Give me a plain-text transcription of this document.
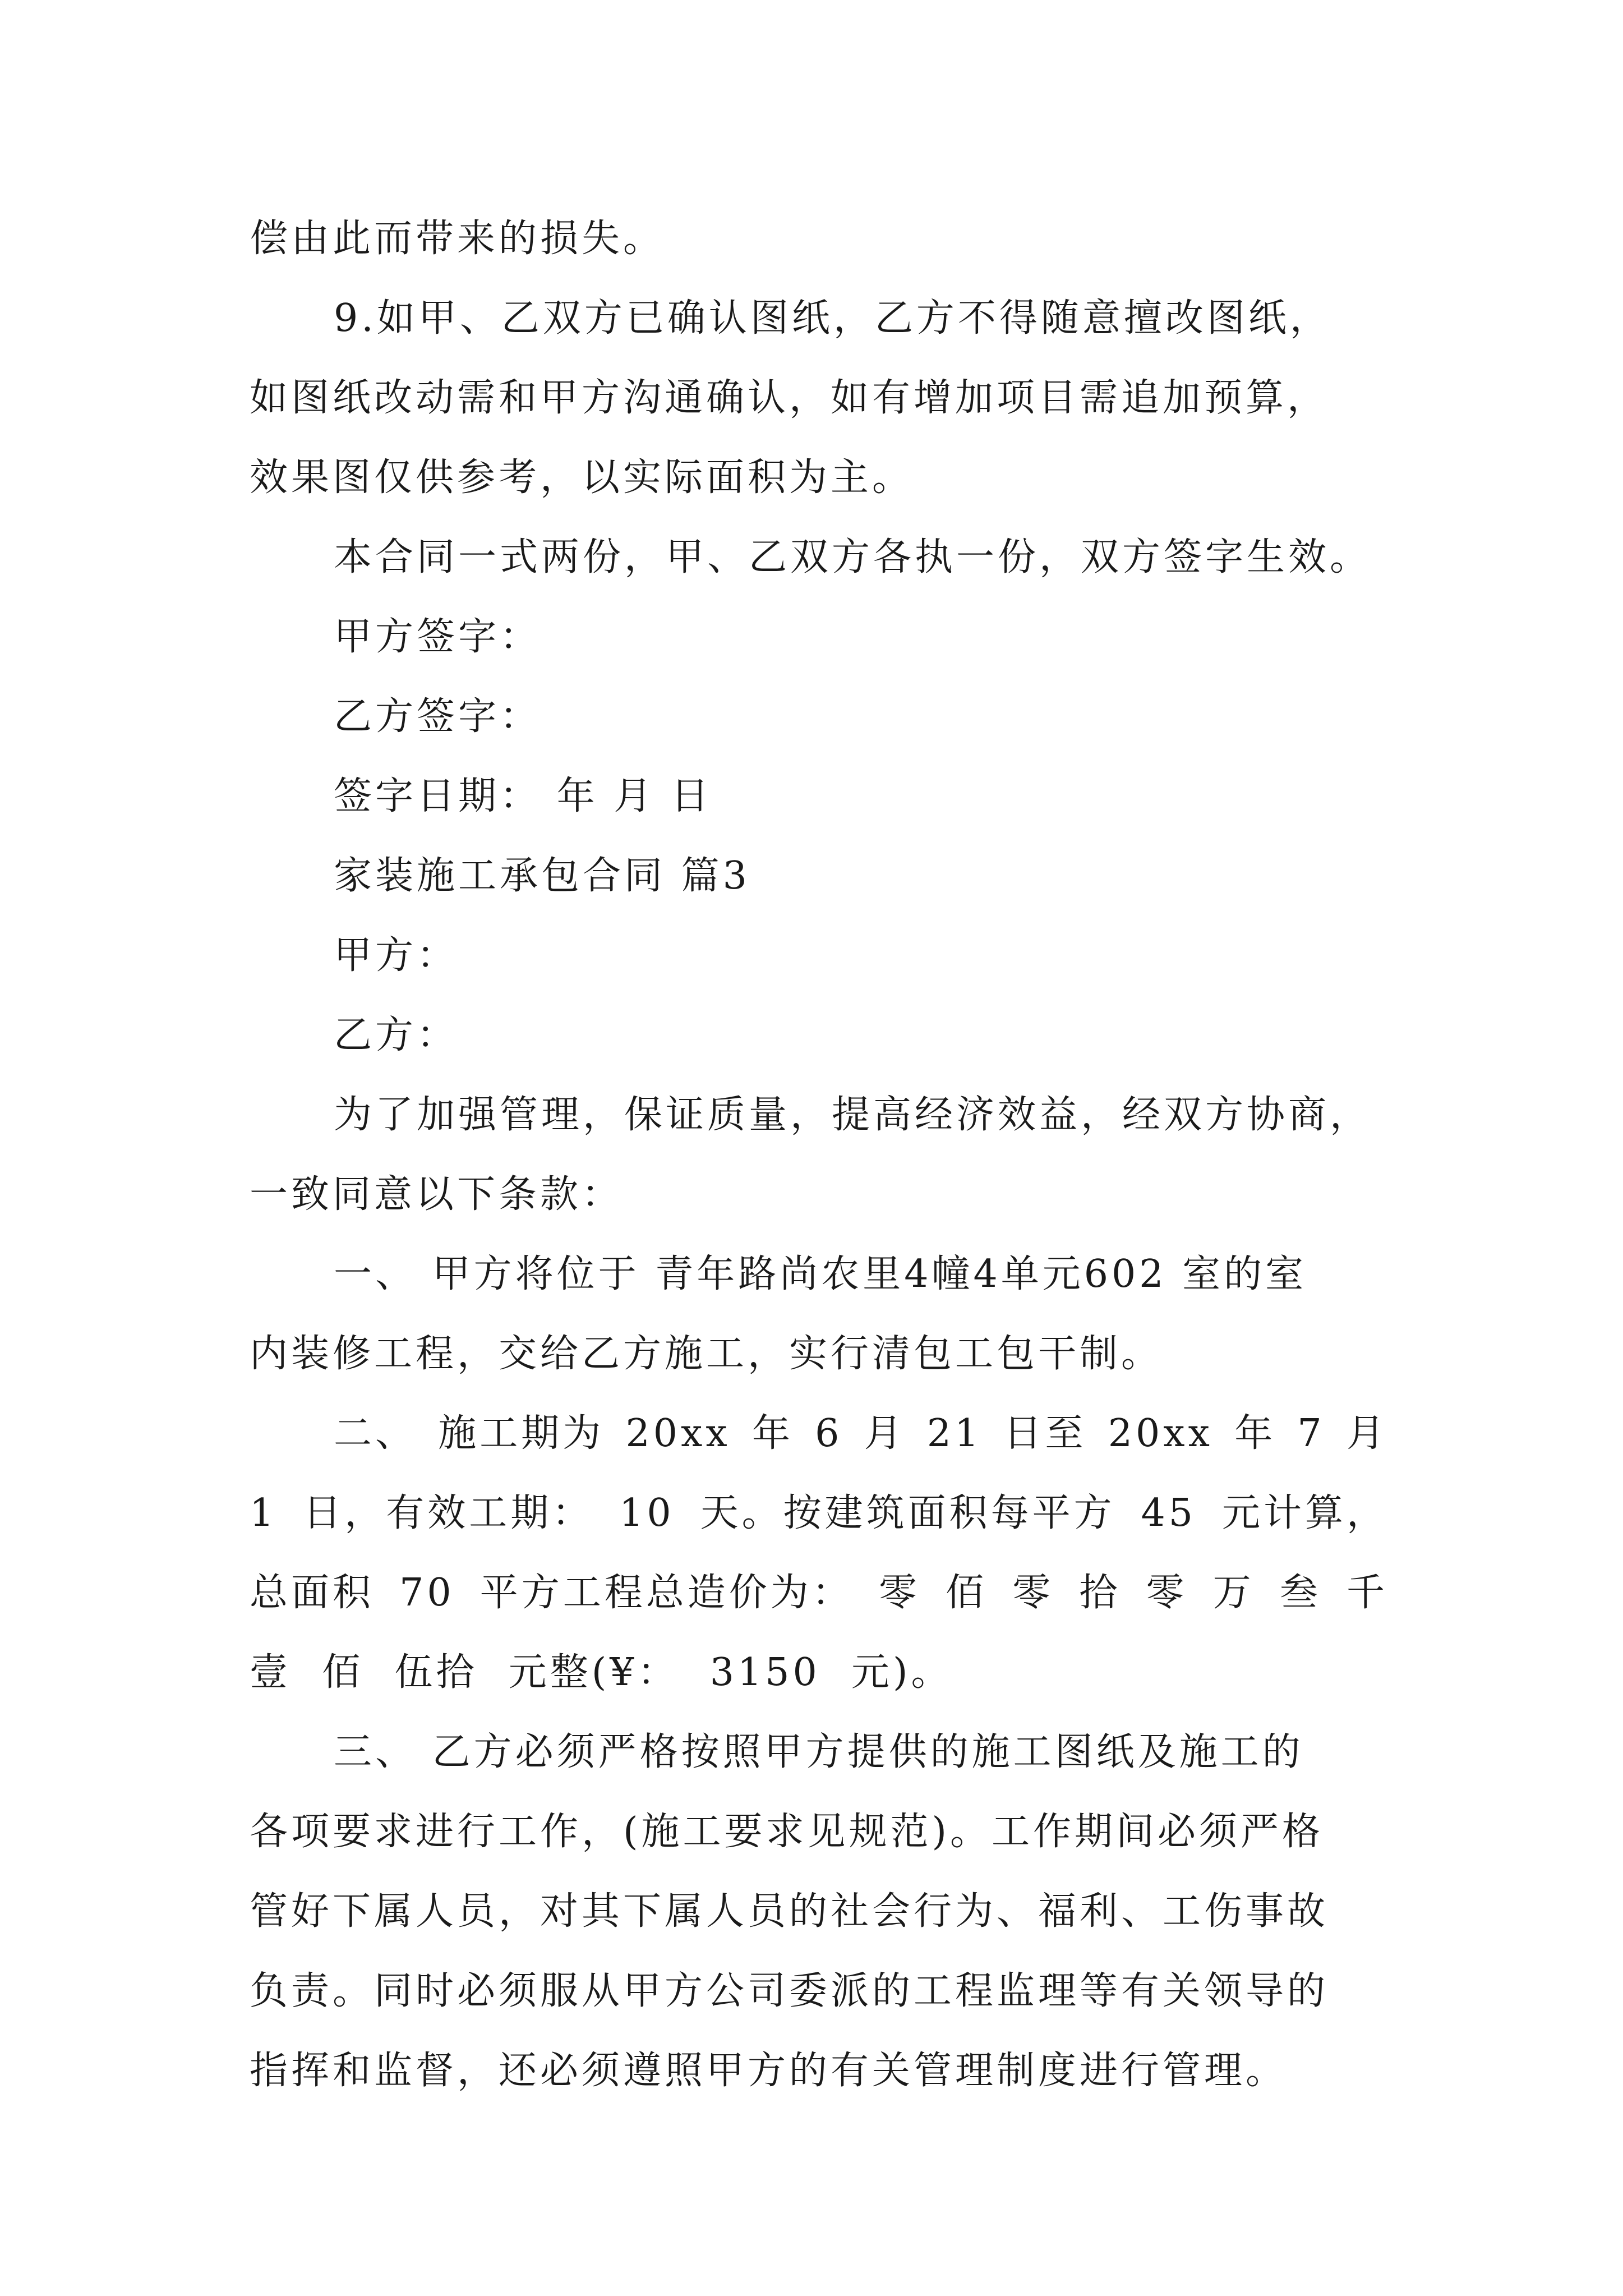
偿由此而带来的损失。
9.如甲、乙双方已确认图纸，乙方不得随意擅改图纸，
如图纸改动需和甲方沟通确认，如有增加项目需追加预算，
效果图仅供参考，以实际面积为主。
本合同一式两份，甲、乙双方各执一份，双方签字生效。
甲方签字：
乙方签字：
签字日期： 年 月 日
家装施工承包合同 篇3
甲方：
乙方：
为了加强管理，保证质量，提高经济效益，经双方协商，
一致同意以下条款：
一、 甲方将位于 青年路尚农里4幢4单元602 室的室
内装修工程，交给乙方施工，实行清包工包干制。
二、 施工期为 20xx 年 6 月 21 日至 20xx 年 7 月
1 日，有效工期： 10 天。按建筑面积每平方 45 元计算，
总面积 70 平方工程总造价为： 零 佰 零 拾 零 万 叁 千
壹  佰  伍拾  元整(¥：  3150  元)。
三、 乙方必须严格按照甲方提供的施工图纸及施工的
各项要求进行工作，(施工要求见规范)。工作期间必须严格
管好下属人员，对其下属人员的社会行为、福利、工伤事故
负责。同时必须服从甲方公司委派的工程监理等有关领导的
指挥和监督，还必须遵照甲方的有关管理制度进行管理。
